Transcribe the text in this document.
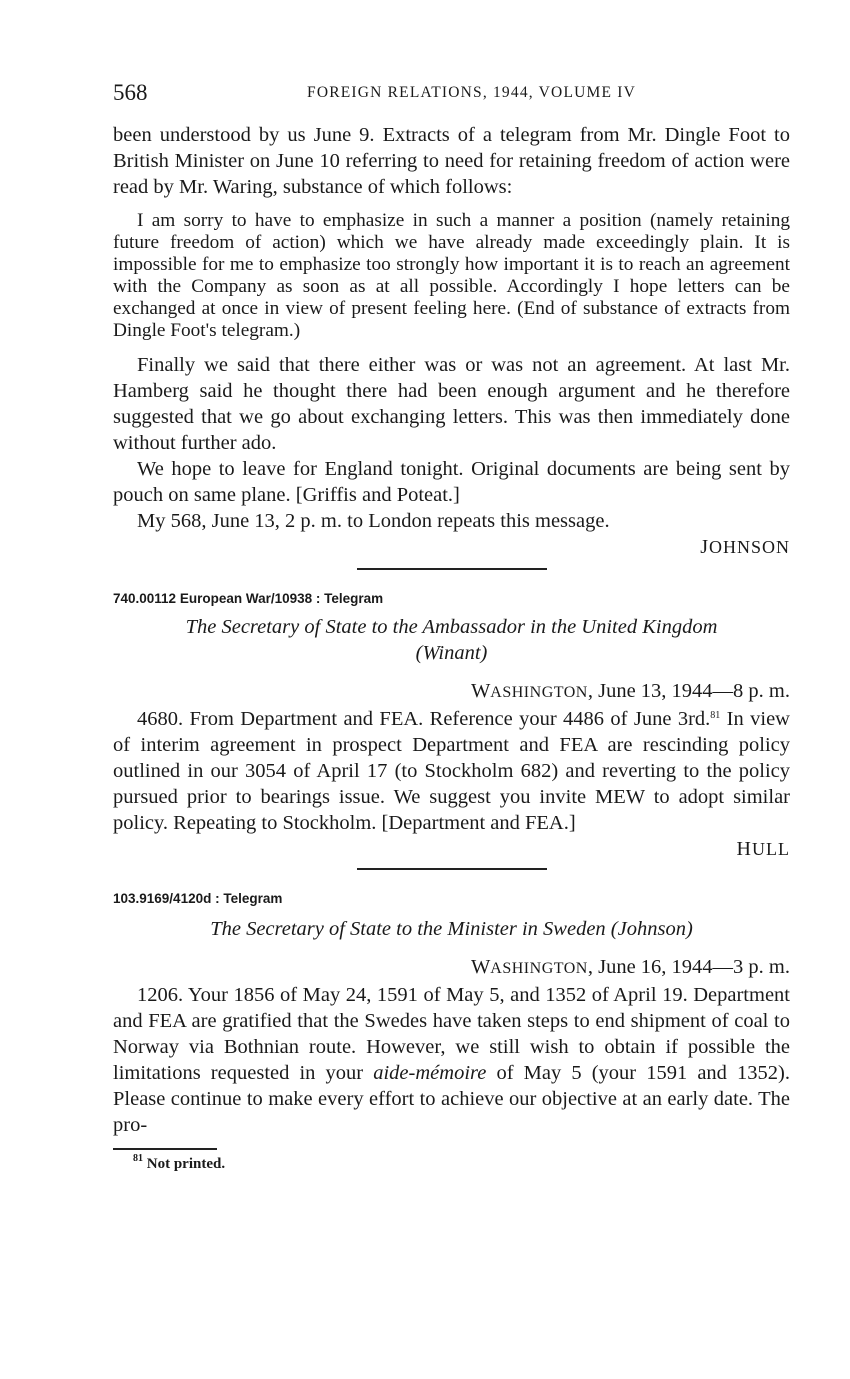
568	FOREIGN RELATIONS, 1944, VOLUME IV

been understood by us June 9. Extracts of a telegram from Mr. Dingle Foot to British Minister on June 10 referring to need for retaining freedom of action were read by Mr. Waring, substance of which follows:

I am sorry to have to emphasize in such a manner a position (namely retaining future freedom of action) which we have already made exceedingly plain. It is impossible for me to emphasize too strongly how important it is to reach an agreement with the Company as soon as at all possible. Accordingly I hope letters can be exchanged at once in view of present feeling here. (End of substance of extracts from Dingle Foot's telegram.)

Finally we said that there either was or was not an agreement. At last Mr. Hamberg said he thought there had been enough argument and he therefore suggested that we go about exchanging letters. This was then immediately done without further ado.

We hope to leave for England tonight. Original documents are being sent by pouch on same plane. [Griffis and Poteat.]

My 568, June 13, 2 p. m. to London repeats this message.

JOHNSON
740.00112 European War/10938 : Telegram
The Secretary of State to the Ambassador in the United Kingdom
(Winant)
WASHINGTON, June 13, 1944—8 p. m.

4680. From Department and FEA. Reference your 4486 of June 3rd.$^{81}$ In view of interim agreement in prospect Department and FEA are rescinding policy outlined in our 3054 of April 17 (to Stockholm 682) and reverting to the policy pursued prior to bearings issue. We suggest you invite MEW to adopt similar policy. Repeating to Stockholm. [Department and FEA.]

HULL
103.9169/4120d : Telegram
The Secretary of State to the Minister in Sweden (Johnson)
WASHINGTON, June 16, 1944—3 p. m.

1206. Your 1856 of May 24, 1591 of May 5, and 1352 of April 19. Department and FEA are gratified that the Swedes have taken steps to end shipment of coal to Norway via Bothnian route. However, we still wish to obtain if possible the limitations requested in your aide-mémoire of May 5 (your 1591 and 1352). Please continue to make every effort to achieve our objective at an early date. The pro-

$^{81}$ Not printed.
